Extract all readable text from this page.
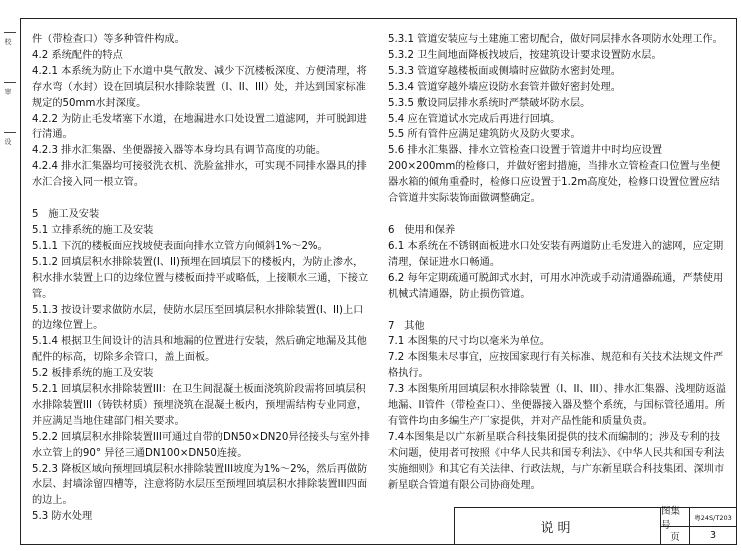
校
审
设

件（带检查口）等多种管件构成。

4.2 系统配件的特点

4.2.1 本系统为防止下水道中臭气散发、减少下沉楼板深度、方便清理，将存水弯（水封）设在回填层积水排除装置（I、II、III）处，并达到国家标准规定的50mm水封深度。

4.2.2 为防止毛发堵塞下水道，在地漏进水口处设置二道滤网，并可脱卸进行清通。

4.2.3 排水汇集器、坐便器接入器等本身均具有调节高度的功能。

4.2.4 排水汇集器均可接驳洗衣机、洗脸盆排水，可实现不同排水器具的排水汇合接入同一根立管。

5   施工及安装

5.1 立排系统的施工及安装

5.1.1 下沉的楼板面应找坡使表面向排水立管方向倾斜1%～2%。

5.1.2 回填层积水排除装置(I、II)预埋在回填层下的楼板内，为防止渗水，积水排水装置上口的边缘位置与楼板面持平或略低，上接顺水三通，下接立管。

5.1.3 按设计要求做防水层，使防水层压至回填层积水排除装置(I、II)上口的边缘位置上。

5.1.4 根据卫生间设计的洁具和地漏的位置进行安装，然后确定地漏及其他配件的标高，切除多余管口，盖上面板。

5.2 板排系统的施工及安装

5.2.1 回填层积水排除装置III：在卫生间混凝土板面浇筑阶段需将回填层积水排除装置III（铸铁材质）预埋浇筑在混凝土板内，预埋需结构专业同意，并应满足当地住建部门相关要求。

5.2.2 回填层积水排除装置III可通过自带的DN50×DN20异径接头与室外排水立管上的90° 异径三通DN100×DN50连接。

5.2.3 降板区域向预埋回填层积水排除装置III坡度为1%～2%，然后再做防水层、封墙涂留四槽等，注意将防水层压至预埋回填层积水排除装置III四面的边上。

5.3 防水处理

5.3.1 管道安装应与土建施工密切配合，做好同层排水各项防水处理工作。

5.3.2 卫生间地面降板找坡后，按建筑设计要求设置防水层。

5.3.3 管道穿越楼板面或侧墙时应做防水密封处理。

5.3.4 管道穿越外墙应设防水套管并做好密封处理。

5.3.5 敷设同层排水系统时严禁破坏防水层。

5.4 应在管道试水完成后再进行回填。

5.5 所有管件应满足建筑防火及防火要求。

5.6 排水汇集器、排水立管检查口设置于管道井中时均应设置200×200mm的检修口，并做好密封措施，当排水立管检查口位置与坐便器水箱的倾角重叠时，检修口应设置于1.2m高度处，检修口设置位置应结合管道井实际装饰面做调整确定。

6   使用和保养

6.1 本系统在不锈钢面板进水口处安装有两道防止毛发进入的滤网，应定期清理，保证进水口畅通。

6.2 每年定期疏通可脱卸式水封，可用水冲洗或手动清通器疏通，严禁使用机械式清通器，防止损伤管道。

7   其他

7.1 本图集的尺寸均以毫米为单位。

7.2 本图集未尽事宜，应按国家现行有关标准、规范和有关技术法规文件严格执行。

7.3 本图集所用回填层积水排除装置（I、II、III）、排水汇集器、浅埋防返溢地漏、II管件（带检查口）、坐便器接入器及整个系统，与国标管径通用。所有管件均由多编生产厂家提供，并对产品性能和质量负责。

7.4本图集是以广东新星联合科技集团提供的技术而编制的；涉及专利的技术问题，使用者可按照《中华人民共和国专利法》、《中华人民共和国专利法实施细则》和其它有关法律、行政法规，与广东新星联合科技集团、深圳市新星联合管道有限公司协商处理。

说明
图集号
粤24S/T203
页	3
